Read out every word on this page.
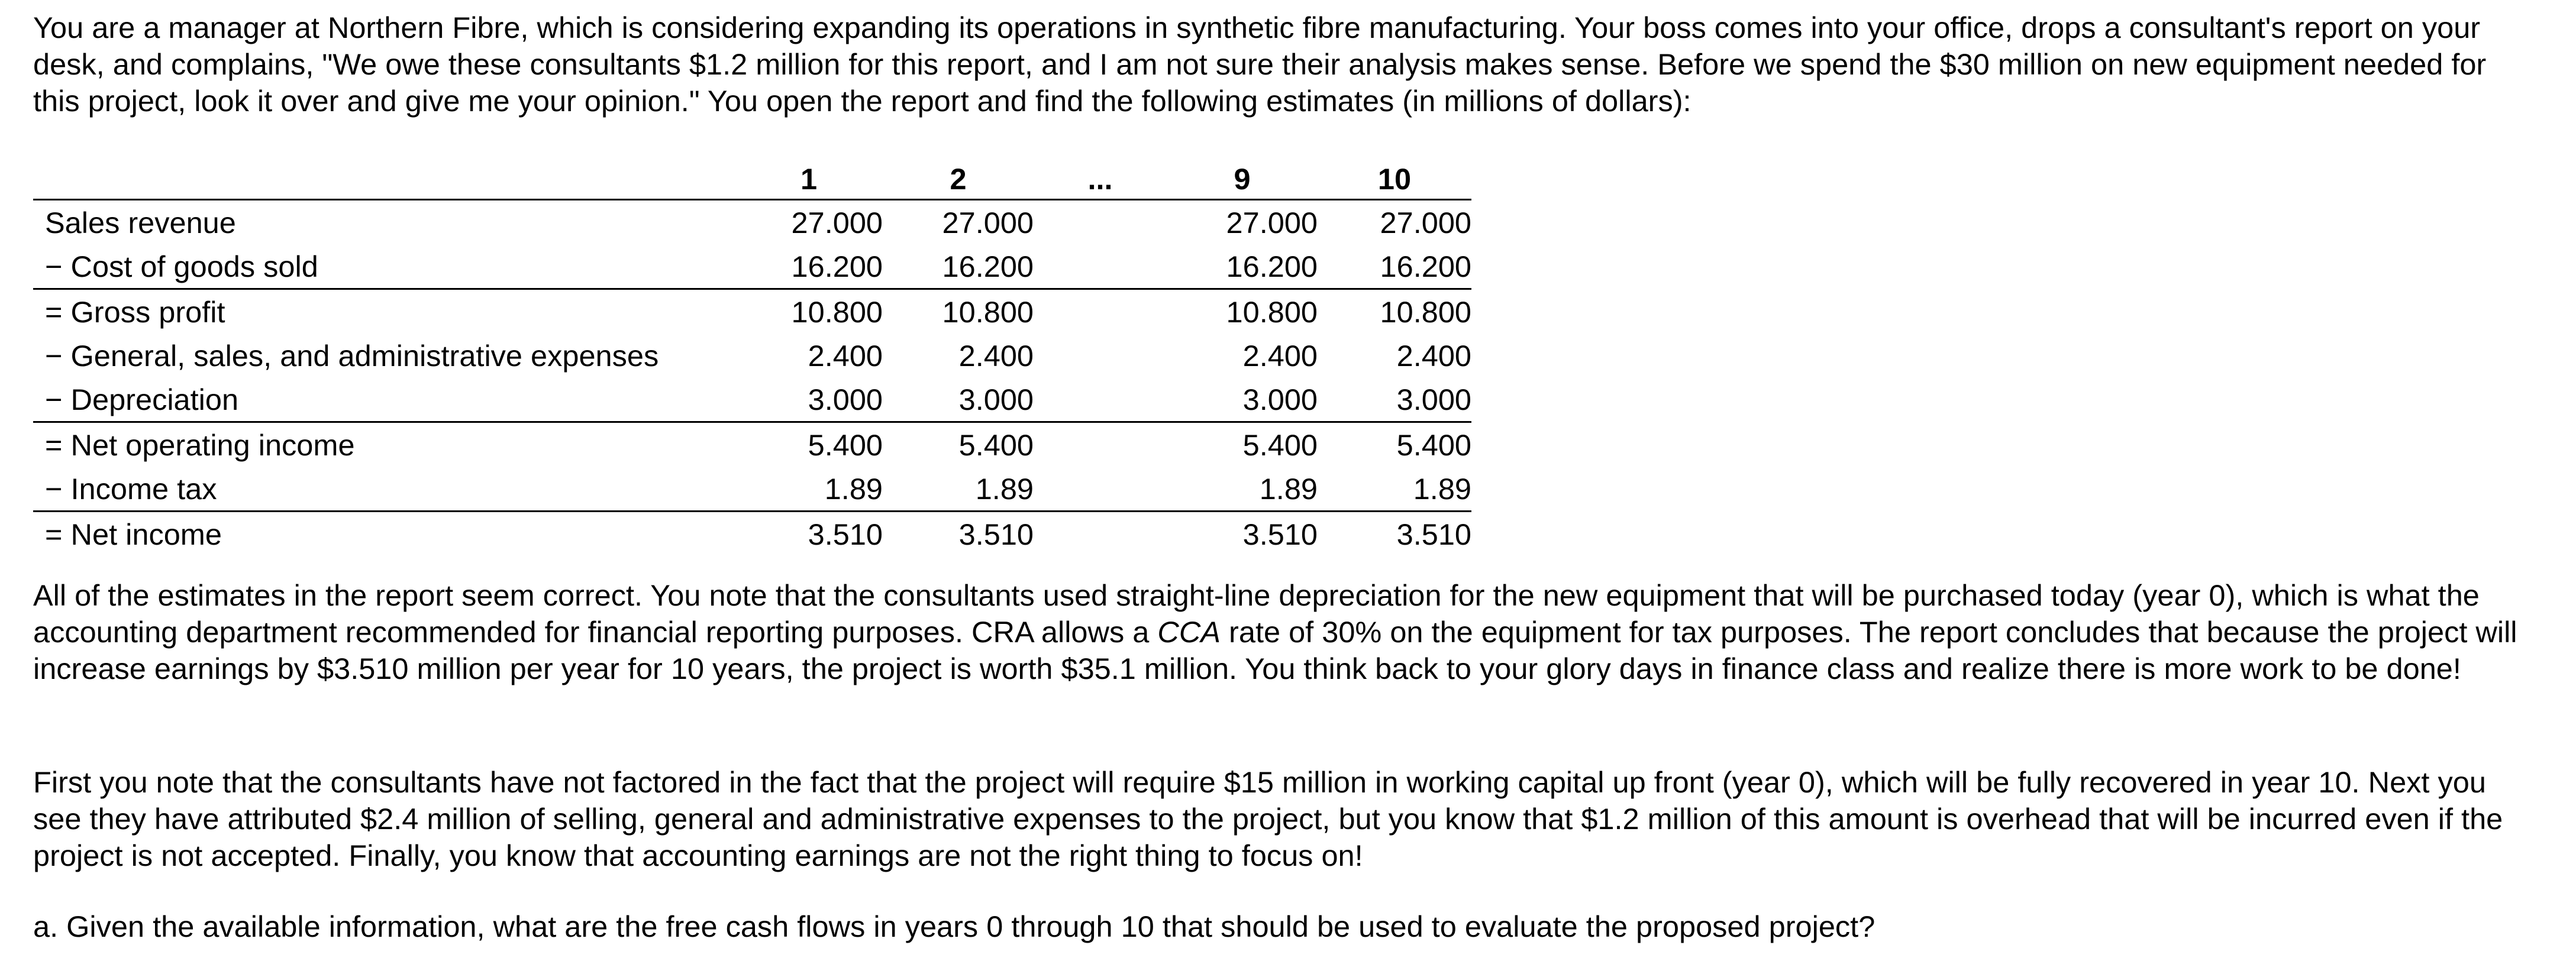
You are a manager at Northern Fibre, which is considering expanding its operations in synthetic fibre manufacturing. Your boss comes into your office, drops a consultant's report on your desk, and complains, "We owe these consultants $1.2 million for this report, and I am not sure their analysis makes sense. Before we spend the $30 million on new equipment needed for this project, look it over and give me your opinion." You open the report and find the following estimates (in millions of dollars):

	1	2	...	9	10
Sales revenue	27.000	27.000		27.000	27.000
− Cost of goods sold	16.200	16.200		16.200	16.200
= Gross profit	10.800	10.800		10.800	10.800
− General, sales, and administrative expenses	2.400	2.400		2.400	2.400
− Depreciation	3.000	3.000		3.000	3.000
= Net operating income	5.400	5.400		5.400	5.400
− Income tax	1.89	1.89		1.89	1.89
= Net income	3.510	3.510		3.510	3.510

All of the estimates in the report seem correct. You note that the consultants used straight-line depreciation for the new equipment that will be purchased today (year 0), which is what the accounting department recommended for financial reporting purposes. CRA allows a CCA rate of 30% on the equipment for tax purposes. The report concludes that because the project will increase earnings by $3.510 million per year for 10 years, the project is worth $35.1 million. You think back to your glory days in finance class and realize there is more work to be done!

First you note that the consultants have not factored in the fact that the project will require $15 million in working capital up front (year 0), which will be fully recovered in year 10. Next you see they have attributed $2.4 million of selling, general and administrative expenses to the project, but you know that $1.2 million of this amount is overhead that will be incurred even if the project is not accepted. Finally, you know that accounting earnings are not the right thing to focus on!

a. Given the available information, what are the free cash flows in years 0 through 10 that should be used to evaluate the proposed project?
